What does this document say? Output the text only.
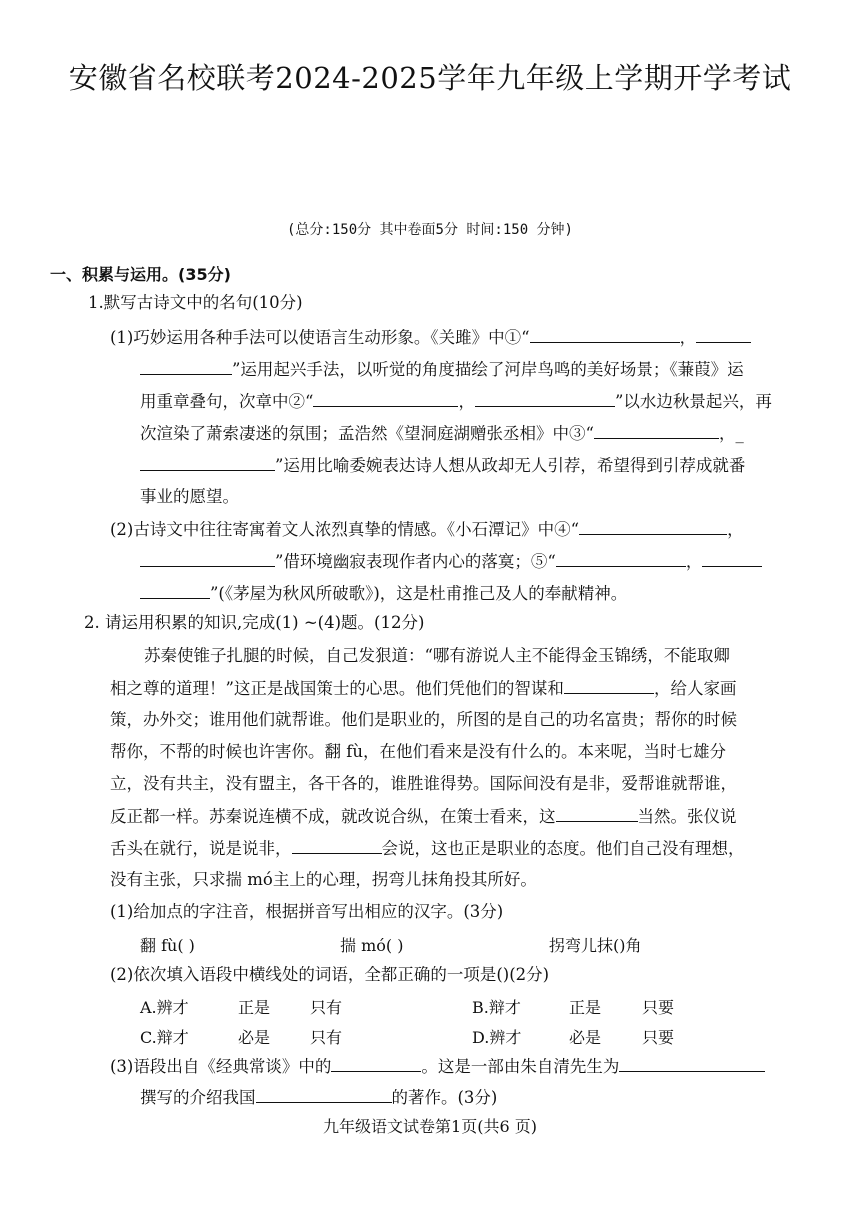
安徽省名校联考2024-2025学年九年级上学期开学考试
(总分:150分 其中卷面5分 时间:150 分钟)
一、积累与运用。(35分)
1.默写古诗文中的名句(10分)
(1)巧妙运用各种手法可以使语言生动形象。《关雎》中①“	，
”运用起兴手法，以听觉的角度描绘了河岸鸟鸣的美好场景；《蒹葭》运
用重章叠句，次章中②“	，	”以水边秋景起兴，再
次渲染了萧索凄迷的氛围；孟浩然《望洞庭湖赠张丞相》中③“	，_
”运用比喻委婉表达诗人想从政却无人引荐，希望得到引荐成就番
事业的愿望。
(2)古诗文中往往寄寓着文人浓烈真挚的情感。《小石潭记》中④“	，
”借环境幽寂表现作者内心的落寞；⑤“	，
”(《茅屋为秋风所破歌》)，这是杜甫推己及人的奉献精神。
2. 请运用积累的知识,完成(1) ~(4)题。(12分)
苏秦使锥子扎腿的时候，自己发狠道：“哪有游说人主不能得金玉锦绣，不能取卿
相之尊的道理！”这正是战国策士的心思。他们凭他们的智谋和	，给人家画
策，办外交；谁用他们就帮谁。他们是职业的，所图的是自己的功名富贵；帮你的时候
帮你，不帮的时候也许害你。翻 fù，在他们看来是没有什么的。本来呢，当时七雄分
立，没有共主，没有盟主，各干各的，谁胜谁得势。国际间没有是非，爱帮谁就帮谁，
反正都一样。苏秦说连横不成，就改说合纵，在策士看来，这	当然。张仪说
舌头在就行，说是说非，	会说，这也正是职业的态度。他们自己没有理想，
没有主张，只求揣 mó主上的心理，拐弯儿抹角投其所好。
(1)给加点的字注音，根据拼音写出相应的汉字。(3分)
翻 fù( )	揣 mó( )	拐弯儿抹()角
(2)依次填入语段中横线处的词语，全都正确的一项是()(2分)
A.辨才	正是 只有	B.辩才	正是	只要
C.辩才	必是 只有	D.辨才	必是	只要
(3)语段出自《经典常谈》中的	。这是一部由朱自清先生为
撰写的介绍我国	的著作。(3分)
九年级语文试卷第1页(共6 页)
